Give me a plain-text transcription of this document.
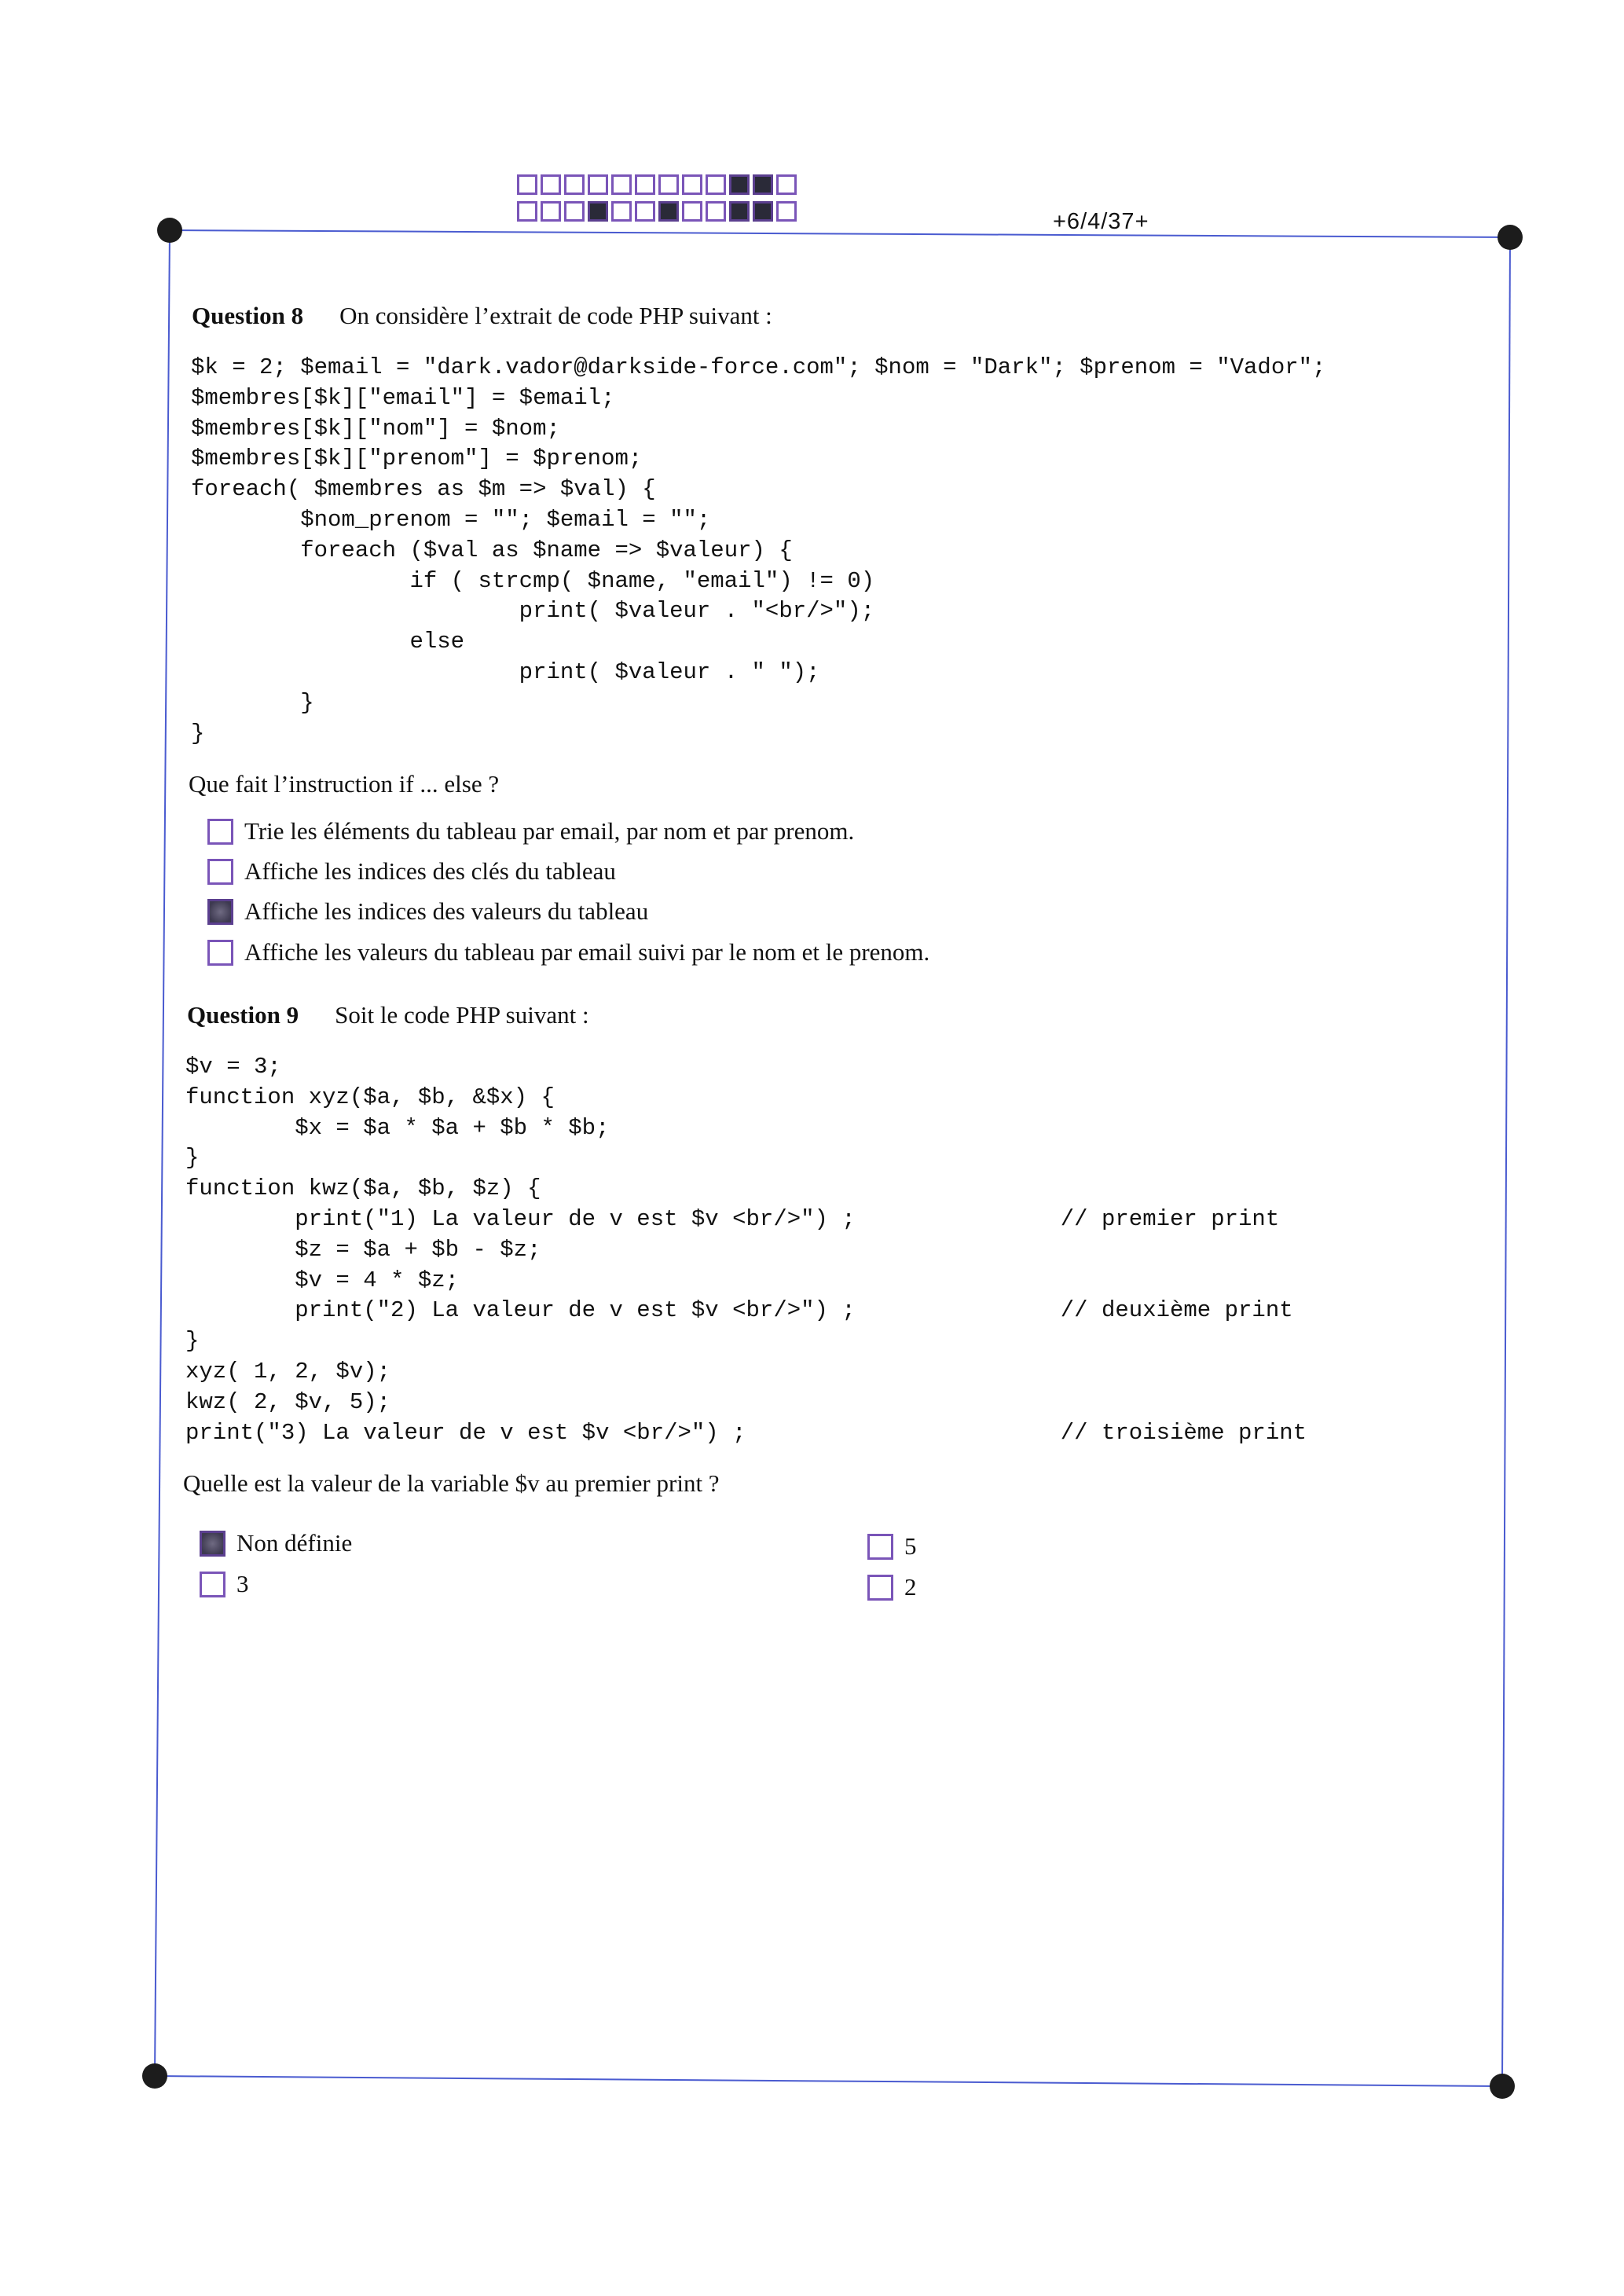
+6/4/37+
Question 8 On considère l’extrait de code PHP suivant :
$k = 2; $email = "dark.vador@darkside-force.com"; $nom = "Dark"; $prenom = "Vador";
$membres[$k]["email"] = $email;
$membres[$k]["nom"] = $nom;
$membres[$k]["prenom"] = $prenom;
foreach( $membres as $m => $val) {
$nom_prenom = ""; $email = "";
foreach ($val as $name => $valeur) {
if ( strcmp( $name, "email") != 0)
print( $valeur . "<br/>");
else
print( $valeur . " ");
}
}
Que fait l’instruction if ... else ?
Trie les éléments du tableau par email, par nom et par prenom.
Affiche les indices des clés du tableau
Affiche les indices des valeurs du tableau
Affiche les valeurs du tableau par email suivi par le nom et le prenom.
Question 9 Soit le code PHP suivant :
$v = 3;
function xyz($a, $b, &$x) {
$x = $a * $a + $b * $b;
}
function kwz($a, $b, $z) {
print("1) La valeur de v est $v <br/>") ;               // premier print
$z = $a + $b - $z;
$v = 4 * $z;
print("2) La valeur de v est $v <br/>") ;               // deuxième print
}
xyz( 1, 2, $v);
kwz( 2, $v, 5);
print("3) La valeur de v est $v <br/>") ;                       // troisième print
Quelle est la valeur de la variable $v au premier print ?
Non définie
3
5
2
